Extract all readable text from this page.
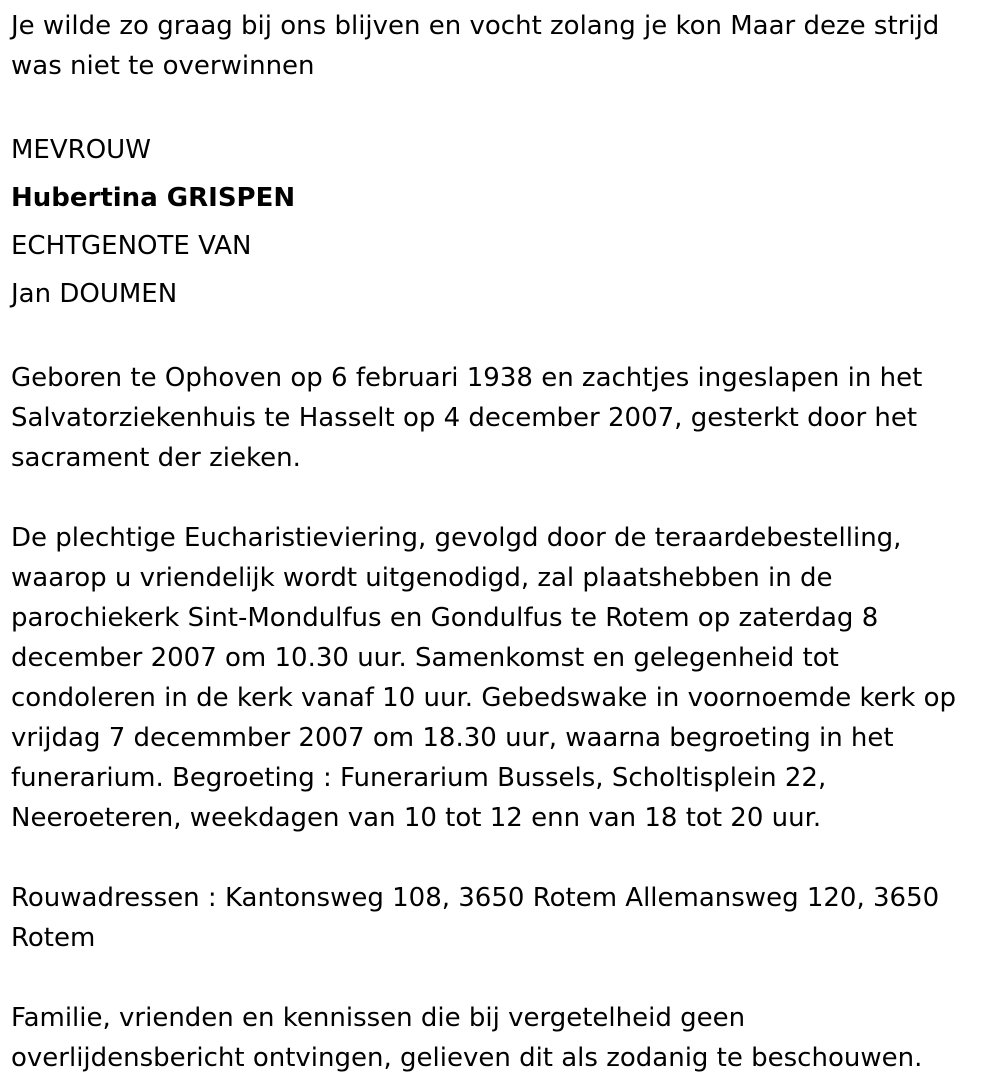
Je wilde zo graag bij ons blijven en vocht zolang je kon Maar deze strijd
was niet te overwinnen

MEVROUW
Hubertina GRISPEN
ECHTGENOTE VAN
Jan DOUMEN

Geboren te Ophoven op 6 februari 1938 en zachtjes ingeslapen in het
Salvatorziekenhuis te Hasselt op 4 december 2007, gesterkt door het
sacrament der zieken.

De plechtige Eucharistieviering, gevolgd door de teraardebestelling,
waarop u vriendelijk wordt uitgenodigd, zal plaatshebben in de
parochiekerk Sint-Mondulfus en Gondulfus te Rotem op zaterdag 8
december 2007 om 10.30 uur. Samenkomst en gelegenheid tot
condoleren in de kerk vanaf 10 uur. Gebedswake in voornoemde kerk op
vrijdag 7 decemmber 2007 om 18.30 uur, waarna begroeting in het
funerarium. Begroeting : Funerarium Bussels, Scholtisplein 22,
Neeroeteren, weekdagen van 10 tot 12 enn van 18 tot 20 uur.

Rouwadressen : Kantonsweg 108, 3650 Rotem Allemansweg 120, 3650
Rotem

Familie, vrienden en kennissen die bij vergetelheid geen
overlijdensbericht ontvingen, gelieven dit als zodanig te beschouwen.
